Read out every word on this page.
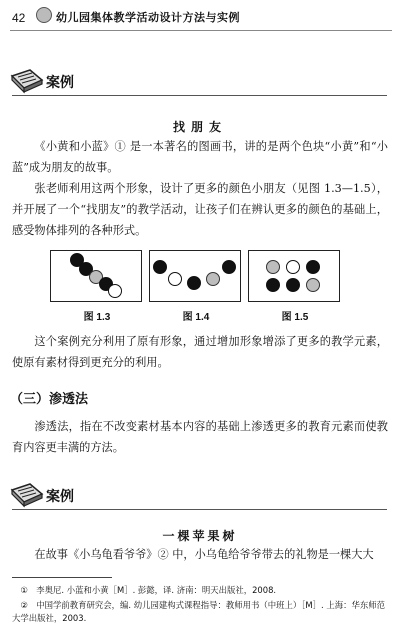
42	幼儿园集体教学活动设计方法与实例
案例
找朋友
《小黄和小蓝》① 是一本著名的图画书，讲的是两个色块“小黄”和“小蓝”成为朋友的故事。
张老师利用这两个形象，设计了更多的颜色小朋友（见图 1.3—1.5），并开展了一个“找朋友”的教学活动，让孩子们在辨认更多的颜色的基础上，感受物体排列的各种形式。
图 1.3	图 1.4	图 1.5
这个案例充分利用了原有形象，通过增加形象增添了更多的教学元素，使原有素材得到更充分的利用。
（三）渗透法
渗透法，指在不改变素材基本内容的基础上渗透更多的教育元素而使教育内容更丰满的方法。
案例
一棵苹果树
在故事《小乌龟看爷爷》② 中，小乌龟给爷爷带去的礼物是一棵大大
①　李奥尼. 小蓝和小黄［M］. 彭懿，译. 济南：明天出版社，2008.
②　中国学前教育研究会，编. 幼儿园建构式课程指导：教师用书（中班上）［M］. 上海：华东师范大学出版社，2003.
